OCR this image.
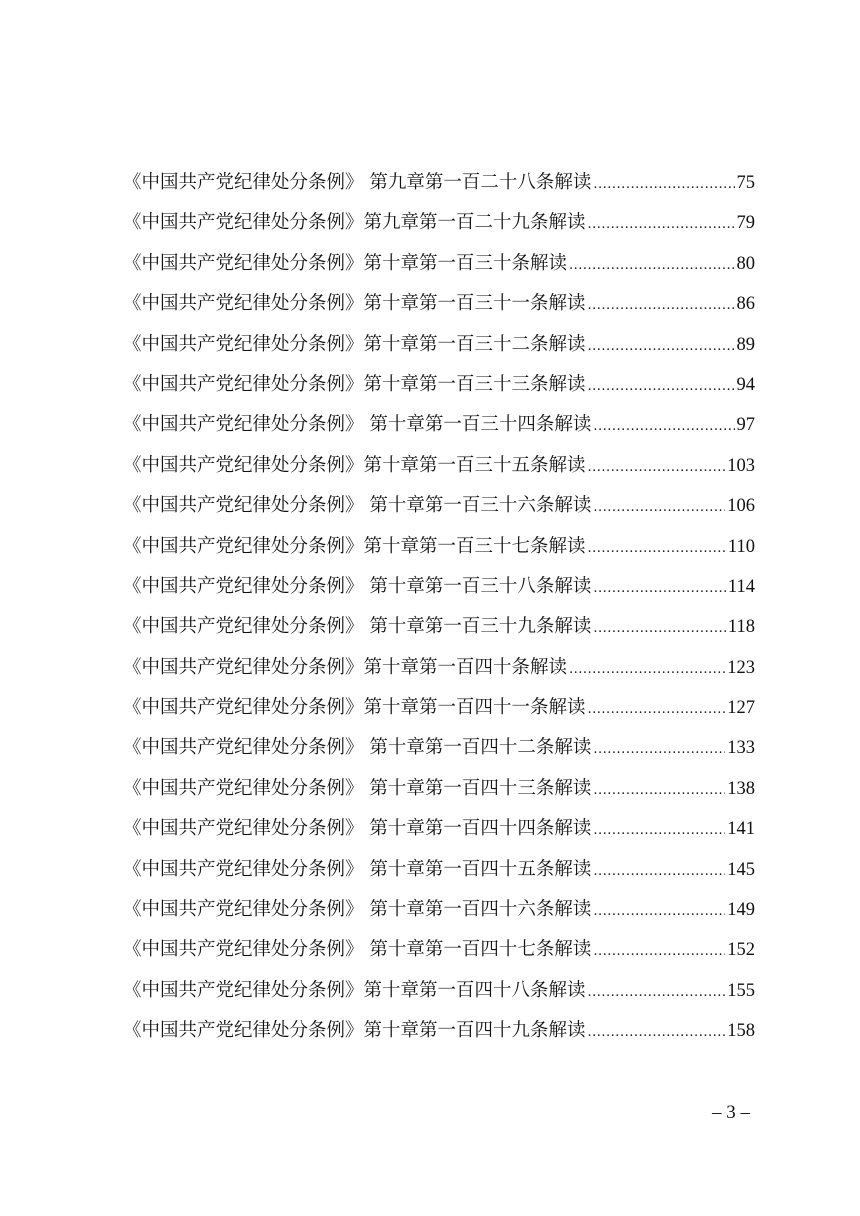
《中国共产党纪律处分条例》 第九章第一百二十八条解读 .....	75
《中国共产党纪律处分条例》第九章第一百二十九条解读 .....	79
《中国共产党纪律处分条例》第十章第一百三十条解读 .....	80
《中国共产党纪律处分条例》第十章第一百三十一条解读 .....	86
《中国共产党纪律处分条例》第十章第一百三十二条解读 .....	89
《中国共产党纪律处分条例》第十章第一百三十三条解读 .....	94
《中国共产党纪律处分条例》 第十章第一百三十四条解读 .....	97
《中国共产党纪律处分条例》第十章第一百三十五条解读 .....	103
《中国共产党纪律处分条例》 第十章第一百三十六条解读 .....	106
《中国共产党纪律处分条例》第十章第一百三十七条解读 .....	110
《中国共产党纪律处分条例》 第十章第一百三十八条解读 .....	114
《中国共产党纪律处分条例》 第十章第一百三十九条解读 .....	118
《中国共产党纪律处分条例》第十章第一百四十条解读 .....	123
《中国共产党纪律处分条例》第十章第一百四十一条解读 .....	127
《中国共产党纪律处分条例》 第十章第一百四十二条解读 .....	133
《中国共产党纪律处分条例》 第十章第一百四十三条解读 .....	138
《中国共产党纪律处分条例》 第十章第一百四十四条解读 .....	141
《中国共产党纪律处分条例》 第十章第一百四十五条解读 .....	145
《中国共产党纪律处分条例》 第十章第一百四十六条解读 .....	149
《中国共产党纪律处分条例》 第十章第一百四十七条解读 .....	152
《中国共产党纪律处分条例》第十章第一百四十八条解读 .....	155
《中国共产党纪律处分条例》第十章第一百四十九条解读 .....	158
– 3 –
